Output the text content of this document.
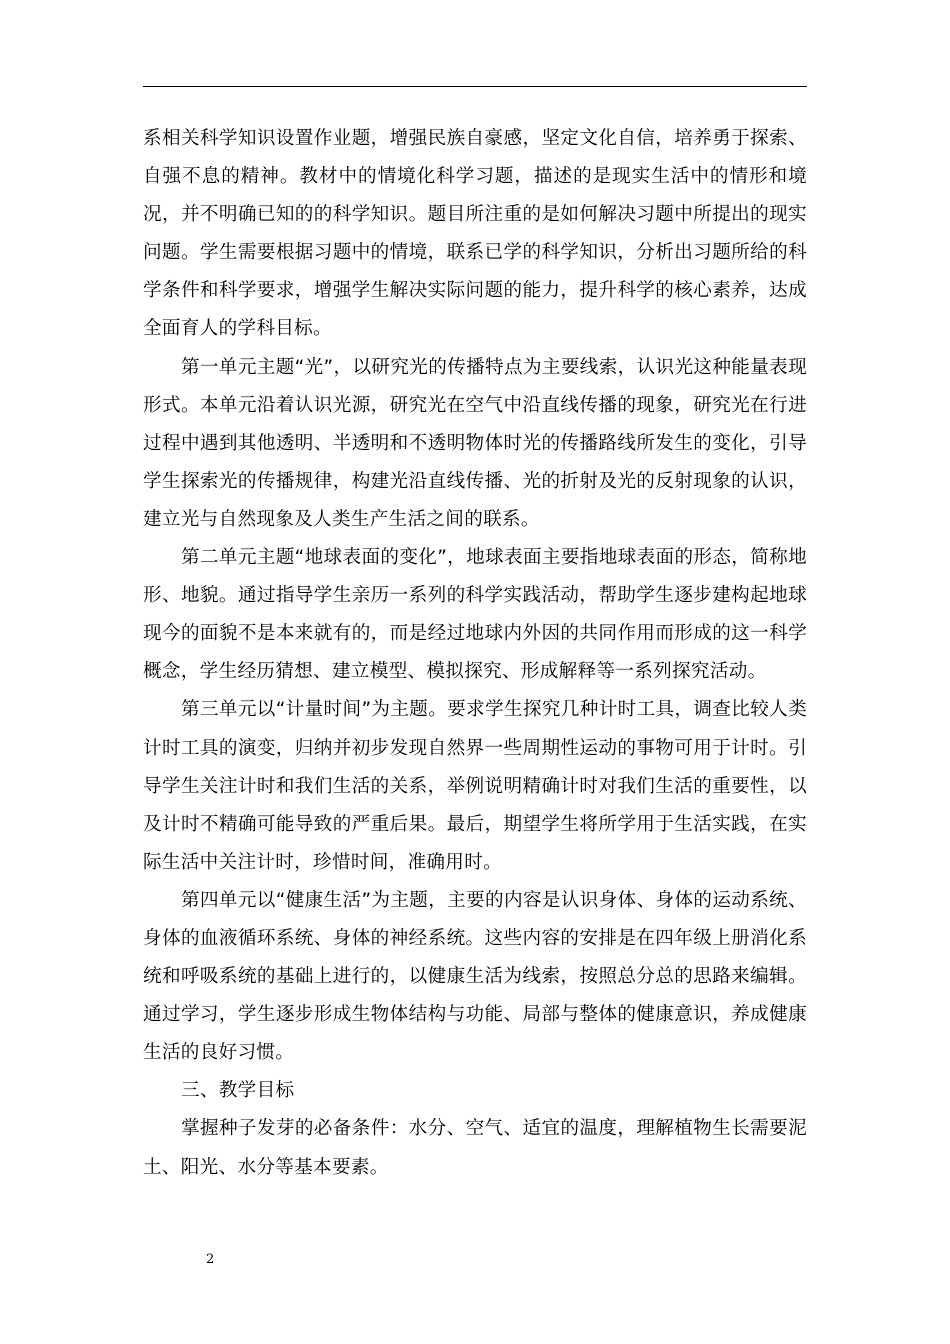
系相关科学知识设置作业题，增强民族自豪感，坚定文化自信，培养勇于探索、自强不息的精神。教材中的情境化科学习题，描述的是现实生活中的情形和境况，并不明确已知的的科学知识。题目所注重的是如何解决习题中所提出的现实问题。学生需要根据习题中的情境，联系已学的科学知识，分析出习题所给的科学条件和科学要求，增强学生解决实际问题的能力，提升科学的核心素养，达成全面育人的学科目标。

第一单元主题“光”，以研究光的传播特点为主要线索，认识光这种能量表现形式。本单元沿着认识光源，研究光在空气中沿直线传播的现象，研究光在行进过程中遇到其他透明、半透明和不透明物体时光的传播路线所发生的变化，引导学生探索光的传播规律，构建光沿直线传播、光的折射及光的反射现象的认识，建立光与自然现象及人类生产生活之间的联系。

第二单元主题“地球表面的变化”，地球表面主要指地球表面的形态，简称地形、地貌。通过指导学生亲历一系列的科学实践活动，帮助学生逐步建构起地球现今的面貌不是本来就有的，而是经过地球内外因的共同作用而形成的这一科学概念，学生经历猜想、建立模型、模拟探究、形成解释等一系列探究活动。

第三单元以“计量时间”为主题。要求学生探究几种计时工具，调查比较人类计时工具的演变，归纳并初步发现自然界一些周期性运动的事物可用于计时。引导学生关注计时和我们生活的关系，举例说明精确计时对我们生活的重要性，以及计时不精确可能导致的严重后果。最后，期望学生将所学用于生活实践，在实际生活中关注计时，珍惜时间，准确用时。

第四单元以“健康生活”为主题，主要的内容是认识身体、身体的运动系统、身体的血液循环系统、身体的神经系统。这些内容的安排是在四年级上册消化系统和呼吸系统的基础上进行的，以健康生活为线索，按照总分总的思路来编辑。通过学习，学生逐步形成生物体结构与功能、局部与整体的健康意识，养成健康生活的良好习惯。

三、教学目标

掌握种子发芽的必备条件：水分、空气、适宜的温度，理解植物生长需要泥土、阳光、水分等基本要素。

2
